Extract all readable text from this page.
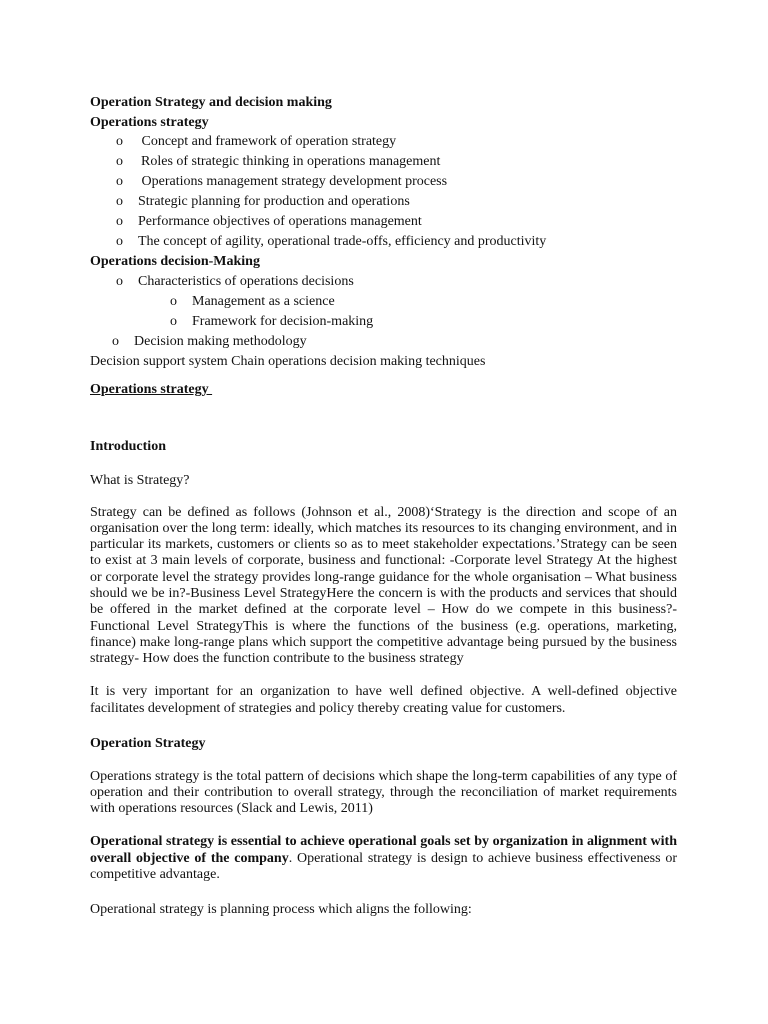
Operation Strategy and decision making
Operations strategy
o	Concept and framework of operation strategy
o	Roles of strategic thinking in operations management
o	Operations management strategy development process
o	Strategic planning for production and operations
o	Performance objectives of operations management
o	The concept of agility, operational trade-offs, efficiency and productivity
Operations decision-Making
o	Characteristics of operations decisions
o	Management as a science
o	Framework for decision-making
o	Decision making methodology
Decision support system Chain operations decision making techniques
Operations strategy
Introduction
What is Strategy?

Strategy can be defined as follows (Johnson et al., 2008)‘Strategy is the direction and scope of an organisation over the long term: ideally, which matches its resources to its changing environment, and in particular its markets, customers or clients so as to meet stakeholder expectations.’Strategy can be seen to exist at 3 main levels of corporate, business and functional: -Corporate level Strategy At the highest or corporate level the strategy provides long-range guidance for the whole organisation – What business should we be in?-Business Level StrategyHere the concern is with the products and services that should be offered in the market defined at the corporate level – How do we compete in this business?-Functional Level StrategyThis is where the functions of the business (e.g. operations, marketing, finance) make long-range plans which support the competitive advantage being pursued by the business strategy- How does the function contribute to the business strategy

It is very important for an organization to have well defined objective. A well-defined objective facilitates development of strategies and policy thereby creating value for customers.

Operation Strategy

Operations strategy is the total pattern of decisions which shape the long-term capabilities of any type of operation and their contribution to overall strategy, through the reconciliation of market requirements with operations resources (Slack and Lewis, 2011)

Operational strategy is essential to achieve operational goals set by organization in alignment with overall objective of the company. Operational strategy is design to achieve business effectiveness or competitive advantage.

Operational strategy is planning process which aligns the following:
